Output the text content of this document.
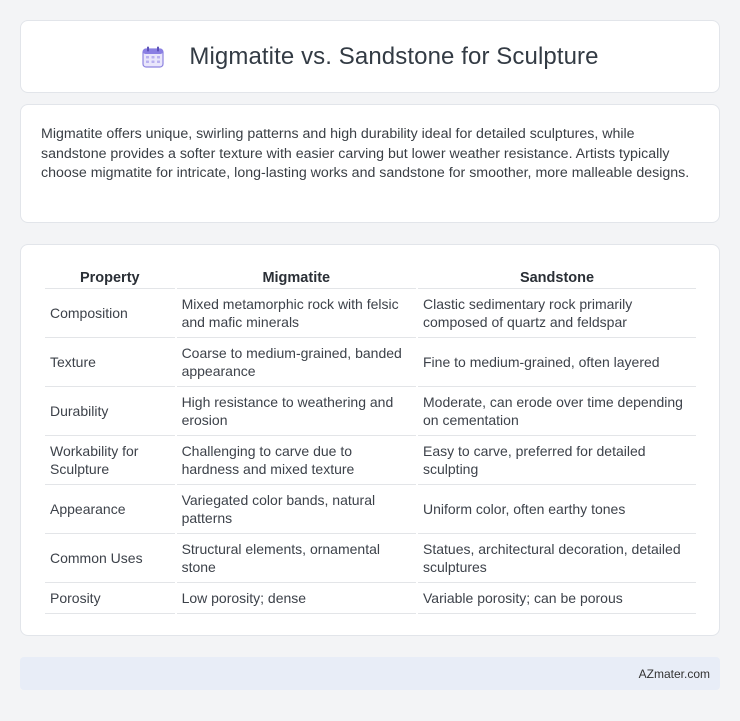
Migmatite vs. Sandstone for Sculpture

Migmatite offers unique, swirling patterns and high durability ideal for detailed sculptures, while sandstone provides a softer texture with easier carving but lower weather resistance. Artists typically choose migmatite for intricate, long-lasting works and sandstone for smoother, more malleable designs.

Property	Migmatite	Sandstone
Composition	Mixed metamorphic rock with felsic and mafic minerals	Clastic sedimentary rock primarily composed of quartz and feldspar
Texture	Coarse to medium-grained, banded appearance	Fine to medium-grained, often layered
Durability	High resistance to weathering and erosion	Moderate, can erode over time depending on cementation
Workability for Sculpture	Challenging to carve due to hardness and mixed texture	Easy to carve, preferred for detailed sculpting
Appearance	Variegated color bands, natural patterns	Uniform color, often earthy tones
Common Uses	Structural elements, ornamental stone	Statues, architectural decoration, detailed sculptures
Porosity	Low porosity; dense	Variable porosity; can be porous
AZmater.com
